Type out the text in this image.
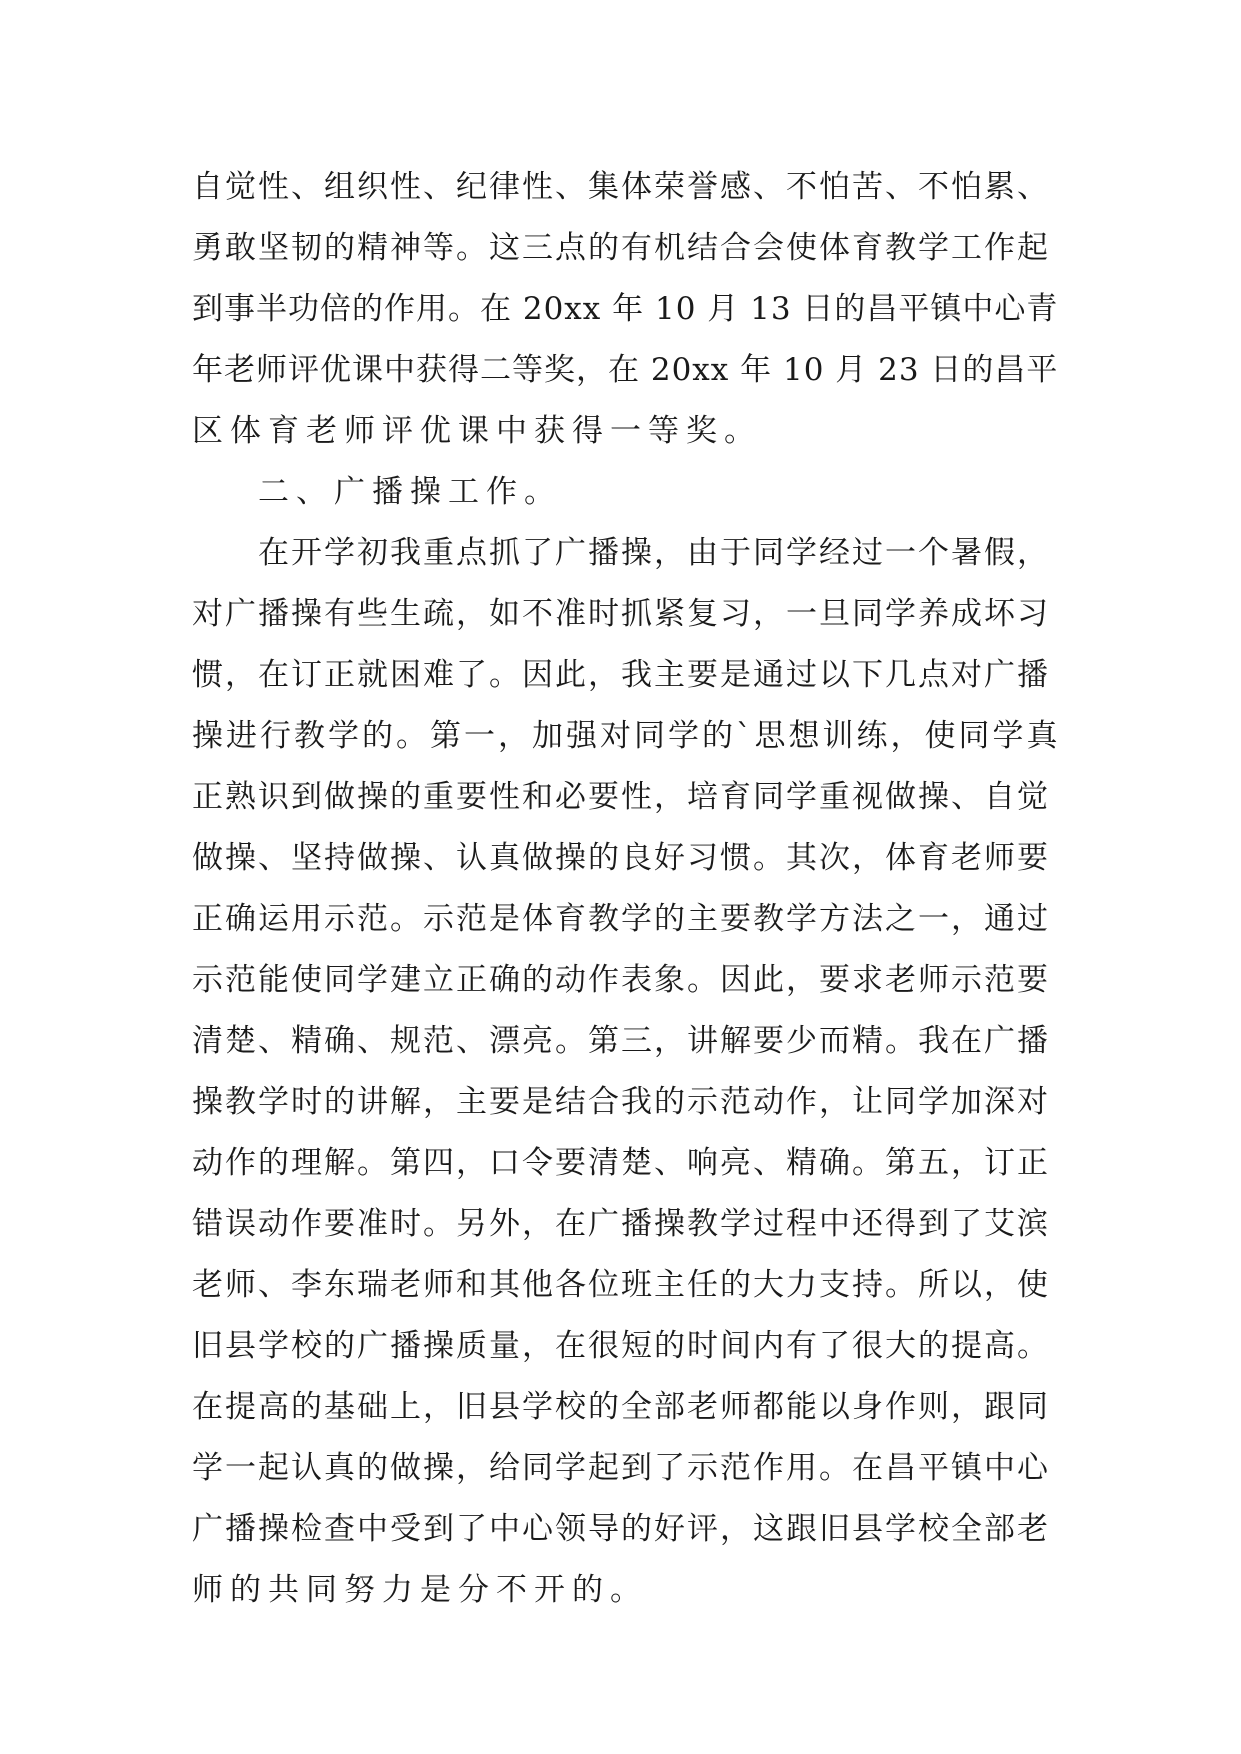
自觉性、组织性、纪律性、集体荣誉感、不怕苦、不怕累、
勇敢坚韧的精神等。这三点的有机结合会使体育教学工作起
到事半功倍的作用。在 20xx 年 10 月 13 日的昌平镇中心青
年老师评优课中获得二等奖，在 20xx 年 10 月 23 日的昌平
区体育老师评优课中获得一等奖。
二、广播操工作。
在开学初我重点抓了广播操，由于同学经过一个暑假，
对广播操有些生疏，如不准时抓紧复习，一旦同学养成坏习
惯，在订正就困难了。因此，我主要是通过以下几点对广播
操进行教学的。第一，加强对同学的`思想训练，使同学真
正熟识到做操的重要性和必要性，培育同学重视做操、自觉
做操、坚持做操、认真做操的良好习惯。其次，体育老师要
正确运用示范。示范是体育教学的主要教学方法之一，通过
示范能使同学建立正确的动作表象。因此，要求老师示范要
清楚、精确、规范、漂亮。第三，讲解要少而精。我在广播
操教学时的讲解，主要是结合我的示范动作，让同学加深对
动作的理解。第四，口令要清楚、响亮、精确。第五，订正
错误动作要准时。另外，在广播操教学过程中还得到了艾滨
老师、李东瑞老师和其他各位班主任的大力支持。所以，使
旧县学校的广播操质量，在很短的时间内有了很大的提高。
在提高的基础上，旧县学校的全部老师都能以身作则，跟同
学一起认真的做操，给同学起到了示范作用。在昌平镇中心
广播操检查中受到了中心领导的好评，这跟旧县学校全部老
师的共同努力是分不开的。
